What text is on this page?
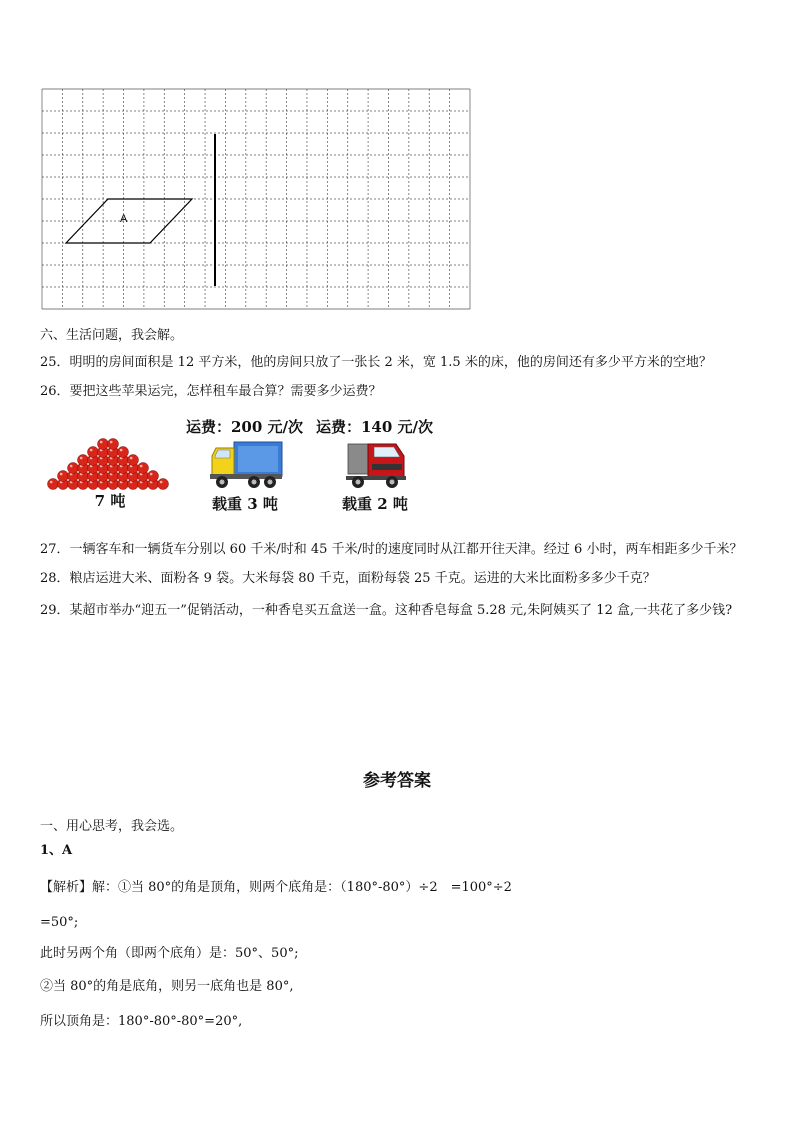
A
六、生活问题，我会解。
25．明明的房间面积是 12 平方米，他的房间只放了一张长 2 米，宽 1.5 米的床，他的房间还有多少平方米的空地？
26．要把这些苹果运完，怎样租车最合算？需要多少运费？
运费：200 元/次 运费：140 元/次
7 吨	载重 3 吨	载重 2 吨
27．一辆客车和一辆货车分别以 60 千米/时和 45 千米/时的速度同时从江都开往天津。经过 6 小时，两车相距多少千米？
28．粮店运进大米、面粉各 9 袋。大米每袋 80 千克，面粉每袋 25 千克。运进的大米比面粉多多少千克？
29．某超市举办“迎五一”促销活动，一种香皂买五盒送一盒。这种香皂每盒 5.28 元,朱阿姨买了 12 盒,一共花了多少钱?
参考答案
一、用心思考，我会选。
1、A
【解析】解：①当 80°的角是顶角，则两个底角是：（180°-80°）÷2　=100°÷2
=50°;
此时另两个角（即两个底角）是：50°、50°;
②当 80°的角是底角，则另一底角也是 80°,
所以顶角是：180°-80°-80°=20°,
